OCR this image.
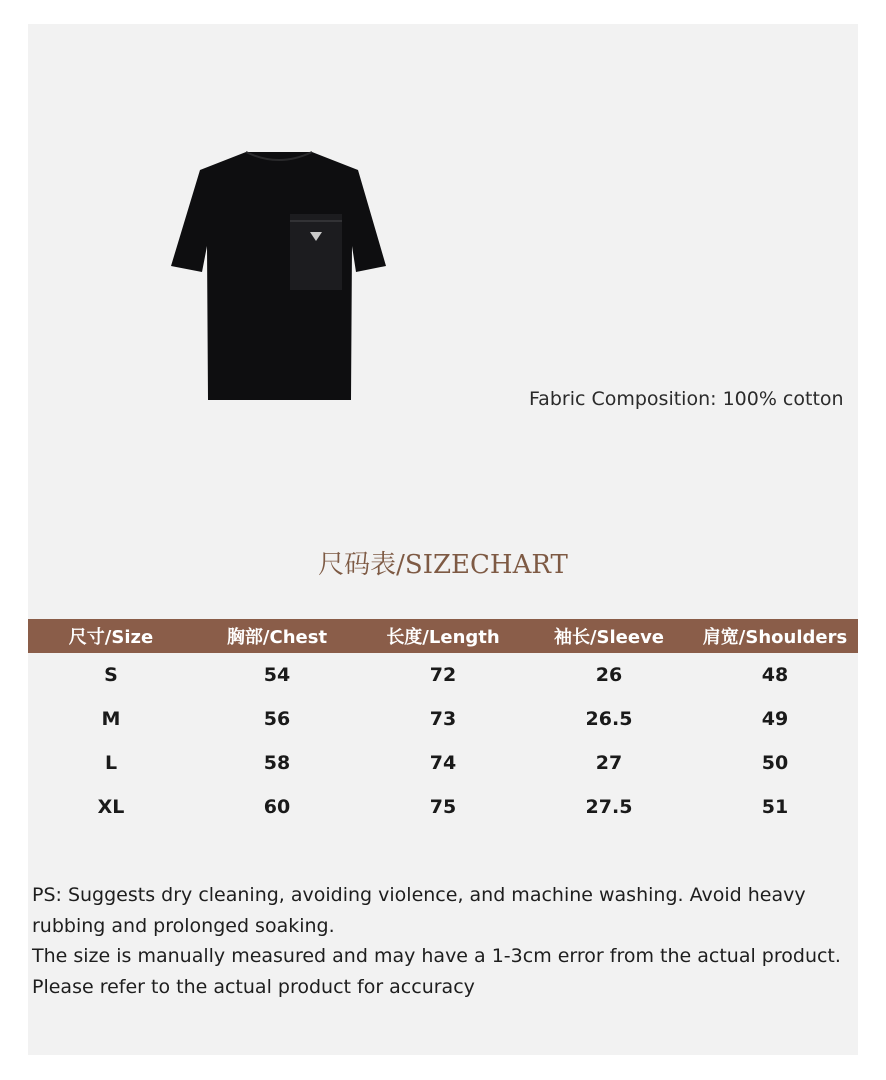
Fabric Composition: 100% cotton
尺码表/SIZECHART
尺寸/Size	胸部/Chest	长度/Length	袖长/Sleeve	肩宽/Shoulders
S	54	72	26	48
M	56	73	26.5	49
L	58	74	27	50
XL	60	75	27.5	51

PS: Suggests dry cleaning, avoiding violence, and machine washing. Avoid heavy rubbing and prolonged soaking.

The size is manually measured and may have a 1-3cm error from the actual product.

Please refer to the actual product for accuracy
